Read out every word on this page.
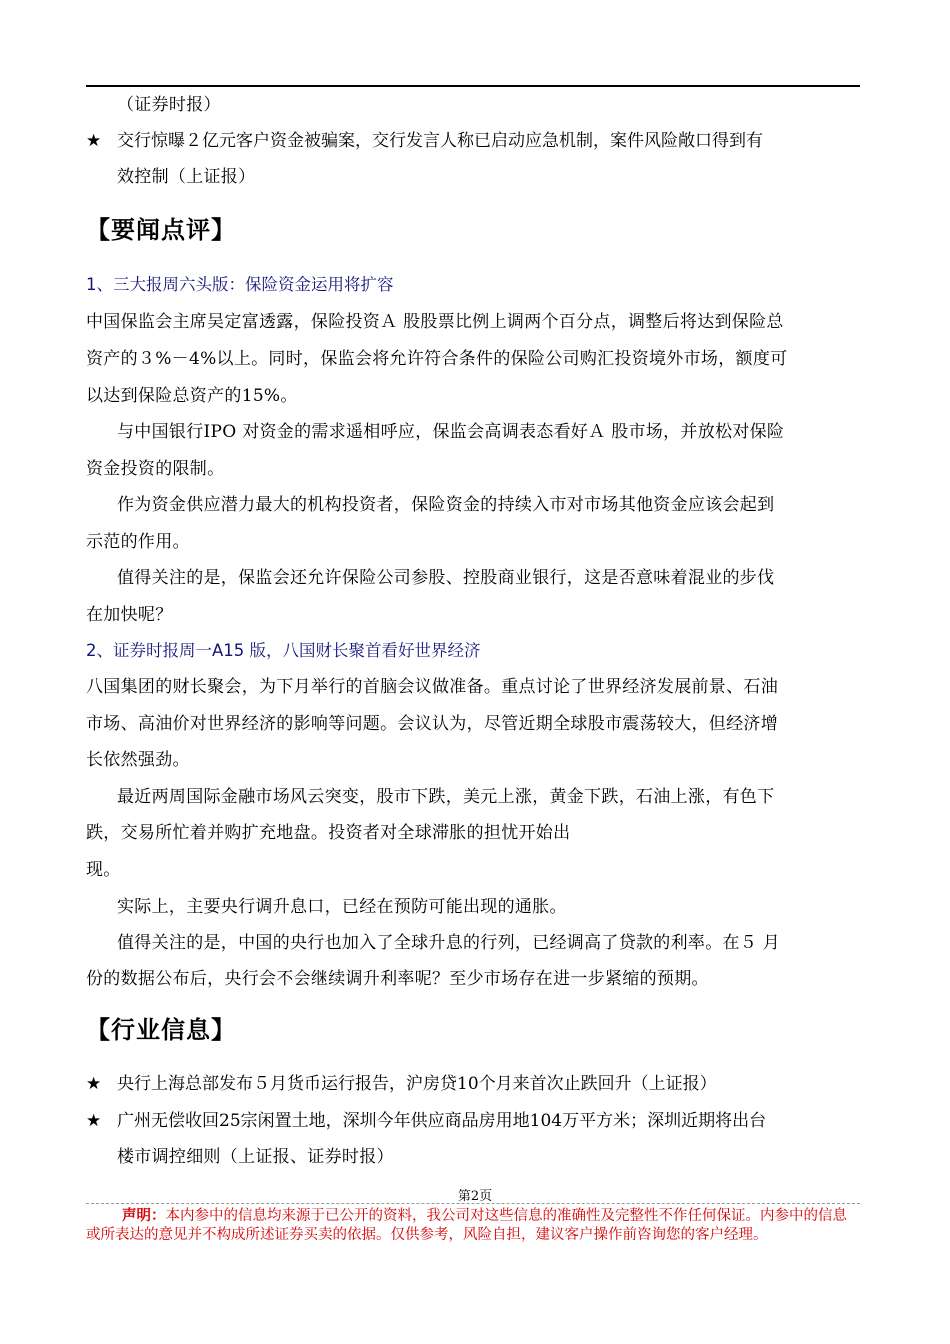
（证券时报）
★ 交行惊曝２亿元客户资金被骗案，交行发言人称已启动应急机制，案件风险敞口得到有
效控制（上证报）
【要闻点评】
1、三大报周六头版：保险资金运用将扩容
中国保监会主席吴定富透露，保险投资Ａ 股股票比例上调两个百分点，调整后将达到保险总
资产的３%－4%以上。同时，保监会将允许符合条件的保险公司购汇投资境外市场，额度可
以达到保险总资产的15%。
与中国银行IPO 对资金的需求遥相呼应，保监会高调表态看好Ａ 股市场，并放松对保险
资金投资的限制。
作为资金供应潜力最大的机构投资者，保险资金的持续入市对市场其他资金应该会起到
示范的作用。
值得关注的是，保监会还允许保险公司参股、控股商业银行，这是否意味着混业的步伐
在加快呢？
2、证券时报周一A15 版，八国财长聚首看好世界经济
八国集团的财长聚会，为下月举行的首脑会议做准备。重点讨论了世界经济发展前景、石油
市场、高油价对世界经济的影响等问题。会议认为，尽管近期全球股市震荡较大，但经济增
长依然强劲。
最近两周国际金融市场风云突变，股市下跌，美元上涨，黄金下跌，石油上涨，有色下
跌，交易所忙着并购扩充地盘。投资者对全球滞胀的担忧开始出
现。
实际上，主要央行调升息口，已经在预防可能出现的通胀。
值得关注的是，中国的央行也加入了全球升息的行列，已经调高了贷款的利率。在５ 月
份的数据公布后，央行会不会继续调升利率呢？至少市场存在进一步紧缩的预期。
【行业信息】
★ 央行上海总部发布５月货币运行报告，沪房贷10个月来首次止跌回升（上证报）
★ 广州无偿收回25宗闲置土地，深圳今年供应商品房用地104万平方米；深圳近期将出台
楼市调控细则（上证报、证券时报）
第2页
声明：本内参中的信息均来源于已公开的资料，我公司对这些信息的准确性及完整性不作任何保证。内参中的信息或所表达的意见并不构成所述证券买卖的依据。仅供参考，风险自担，建议客户操作前咨询您的客户经理。
